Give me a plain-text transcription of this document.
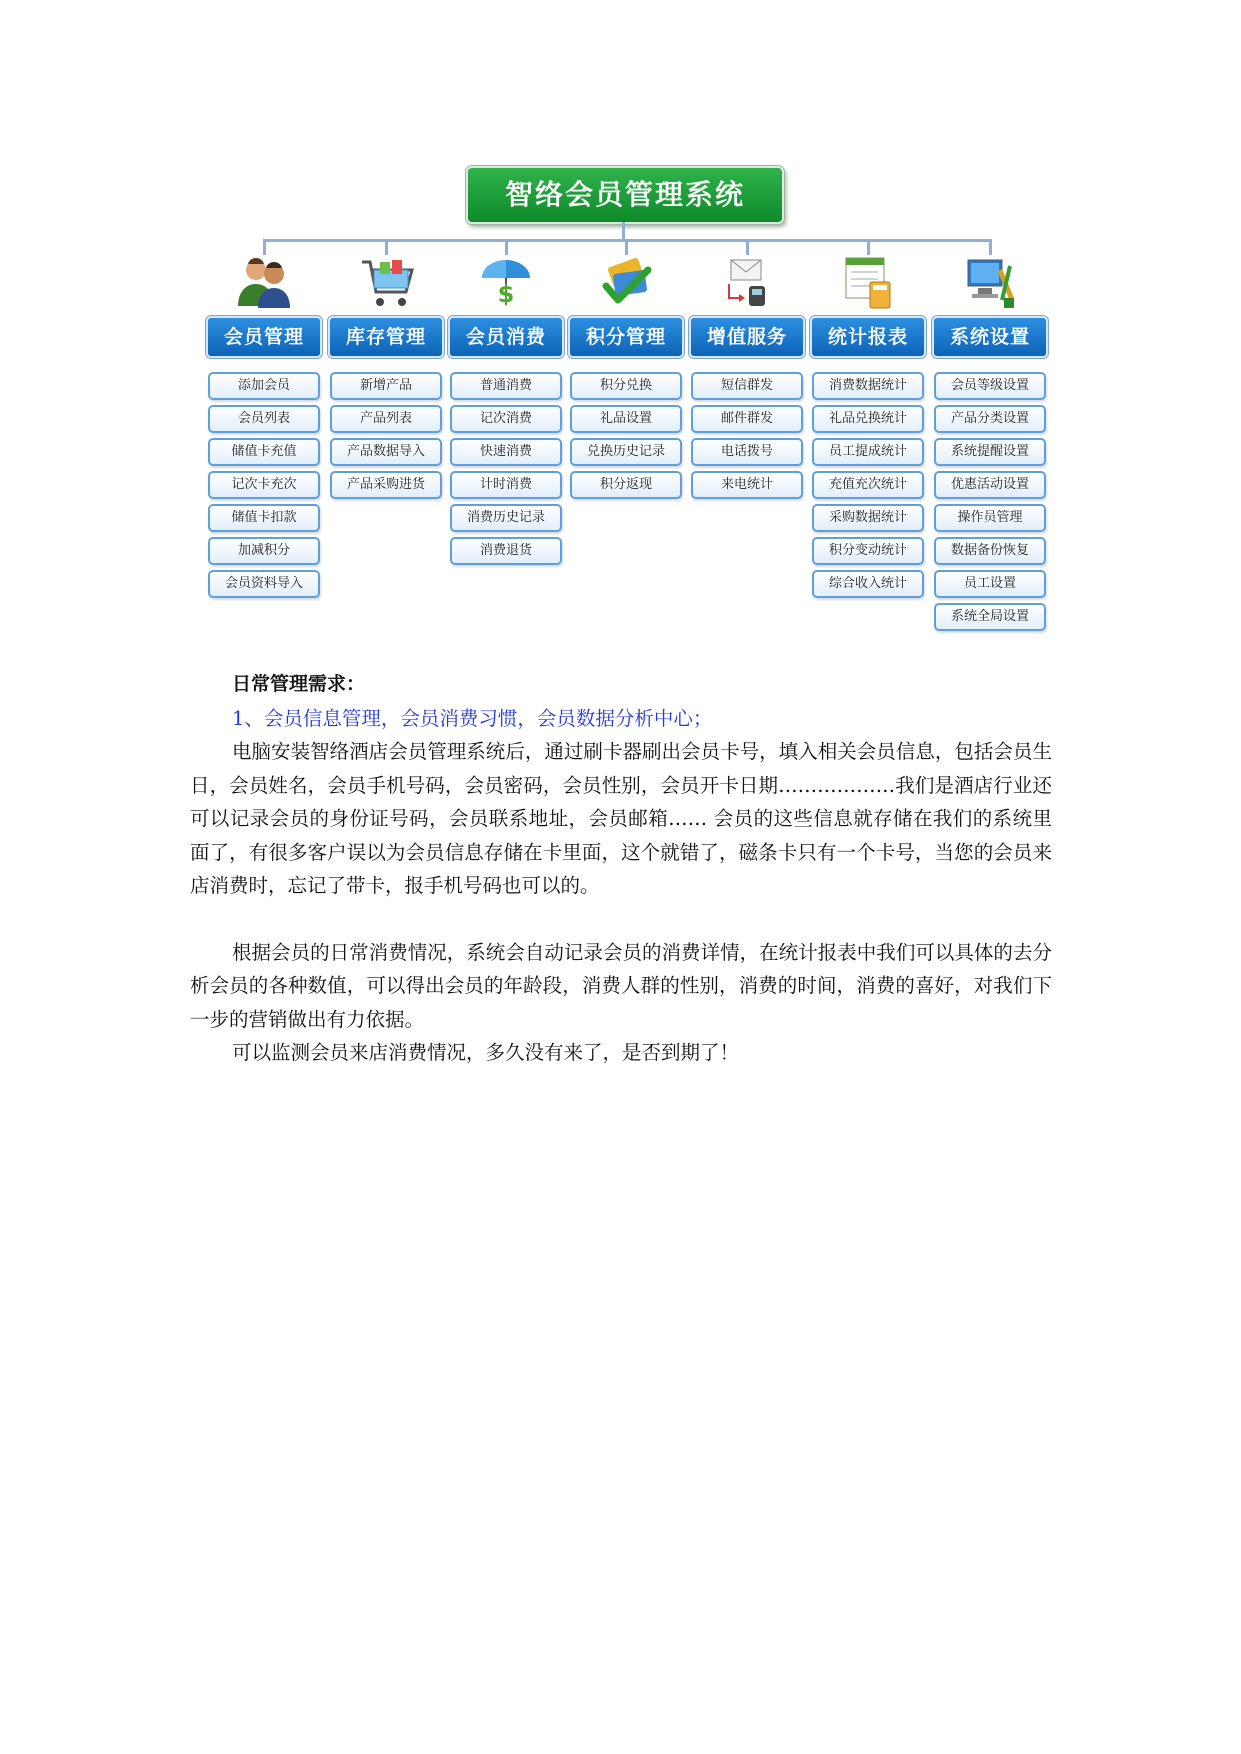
智络会员管理系统
会员管理
添加会员
会员列表
储值卡充值
记次卡充次
储值卡扣款
加减积分
会员资料导入
库存管理
新增产品
产品列表
产品数据导入
产品采购进货
$
会员消费
普通消费
记次消费
快速消费
计时消费
消费历史记录
消费退货
积分管理
积分兑换
礼品设置
兑换历史记录
积分返现
增值服务
短信群发
邮件群发
电话拨号
来电统计
统计报表
消费数据统计
礼品兑换统计
员工提成统计
充值充次统计
采购数据统计
积分变动统计
综合收入统计
系统设置
会员等级设置
产品分类设置
系统提醒设置
优惠活动设置
操作员管理
数据备份恢复
员工设置
系统全局设置

日常管理需求：

1、会员信息管理，会员消费习惯，会员数据分析中心；

电脑安装智络酒店会员管理系统后，通过刷卡器刷出会员卡号，填入相关会员信息，包括会员生日，会员姓名，会员手机号码，会员密码，会员性别，会员开卡日期………………我们是酒店行业还可以记录会员的身份证号码，会员联系地址，会员邮箱…… 会员的这些信息就存储在我们的系统里面了，有很多客户误以为会员信息存储在卡里面，这个就错了，磁条卡只有一个卡号，当您的会员来店消费时，忘记了带卡，报手机号码也可以的。

根据会员的日常消费情况，系统会自动记录会员的消费详情，在统计报表中我们可以具体的去分析会员的各种数值，可以得出会员的年龄段，消费人群的性别，消费的时间，消费的喜好，对我们下一步的营销做出有力依据。

可以监测会员来店消费情况，多久没有来了，是否到期了！
